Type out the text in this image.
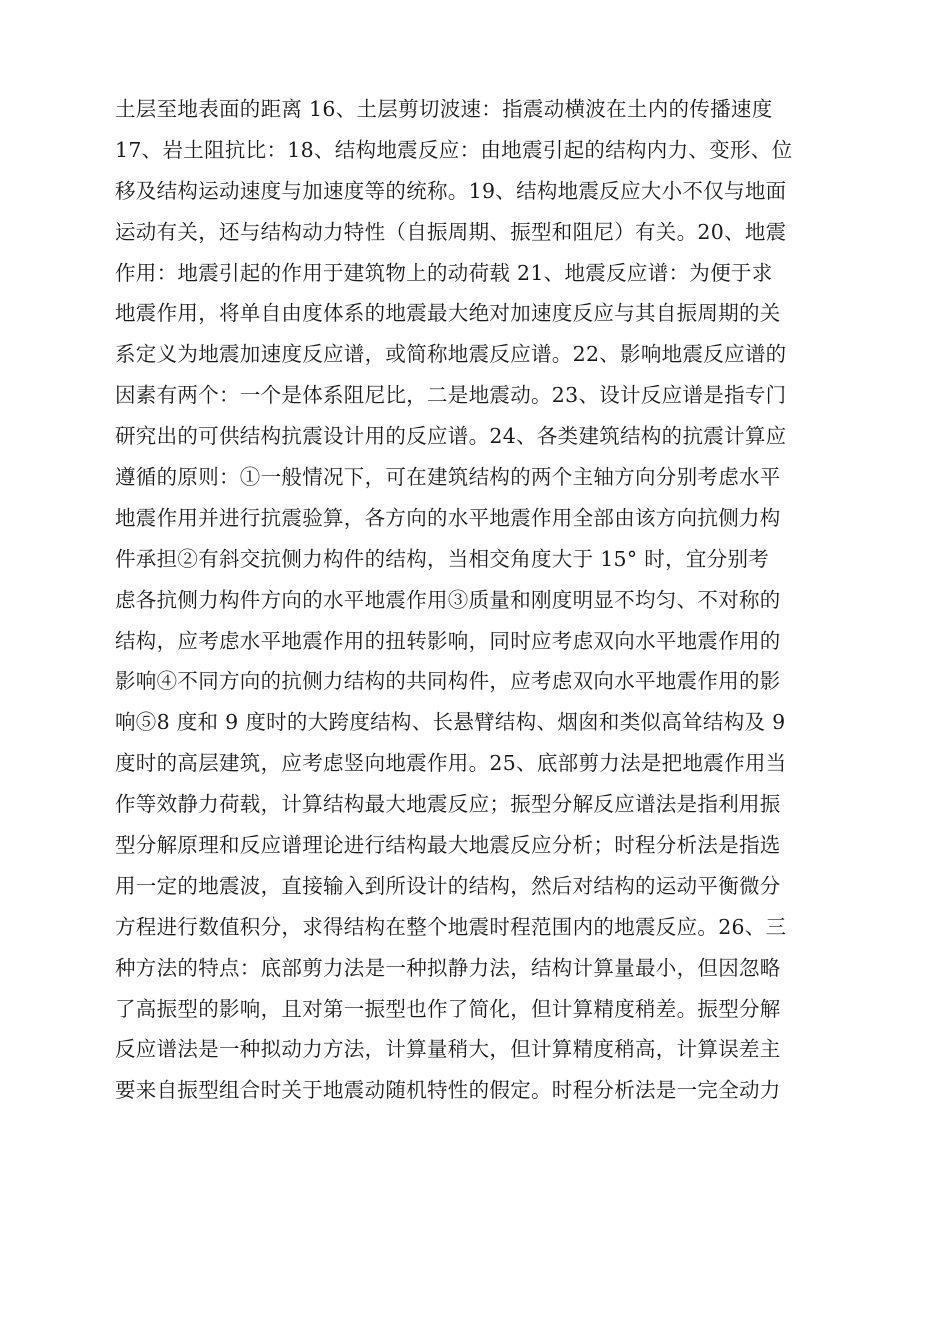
土层至地表面的距离 16、土层剪切波速：指震动横波在土内的传播速度
17、岩土阻抗比：18、结构地震反应：由地震引起的结构内力、变形、位
移及结构运动速度与加速度等的统称。19、结构地震反应大小不仅与地面
运动有关，还与结构动力特性（自振周期、振型和阻尼）有关。20、地震
作用：地震引起的作用于建筑物上的动荷载 21、地震反应谱：为便于求
地震作用，将单自由度体系的地震最大绝对加速度反应与其自振周期的关
系定义为地震加速度反应谱，或简称地震反应谱。22、影响地震反应谱的
因素有两个：一个是体系阻尼比，二是地震动。23、设计反应谱是指专门
研究出的可供结构抗震设计用的反应谱。24、各类建筑结构的抗震计算应
遵循的原则：①一般情况下，可在建筑结构的两个主轴方向分别考虑水平
地震作用并进行抗震验算，各方向的水平地震作用全部由该方向抗侧力构
件承担②有斜交抗侧力构件的结构，当相交角度大于 15° 时，宜分别考
虑各抗侧力构件方向的水平地震作用③质量和刚度明显不均匀、不对称的
结构，应考虑水平地震作用的扭转影响，同时应考虑双向水平地震作用的
影响④不同方向的抗侧力结构的共同构件，应考虑双向水平地震作用的影
响⑤8 度和 9 度时的大跨度结构、长悬臂结构、烟囱和类似高耸结构及 9
度时的高层建筑，应考虑竖向地震作用。25、底部剪力法是把地震作用当
作等效静力荷载，计算结构最大地震反应；振型分解反应谱法是指利用振
型分解原理和反应谱理论进行结构最大地震反应分析；时程分析法是指选
用一定的地震波，直接输入到所设计的结构，然后对结构的运动平衡微分
方程进行数值积分，求得结构在整个地震时程范围内的地震反应。26、三
种方法的特点：底部剪力法是一种拟静力法，结构计算量最小，但因忽略
了高振型的影响，且对第一振型也作了简化，但计算精度稍差。振型分解
反应谱法是一种拟动力方法，计算量稍大，但计算精度稍高，计算误差主
要来自振型组合时关于地震动随机特性的假定。时程分析法是一完全动力
